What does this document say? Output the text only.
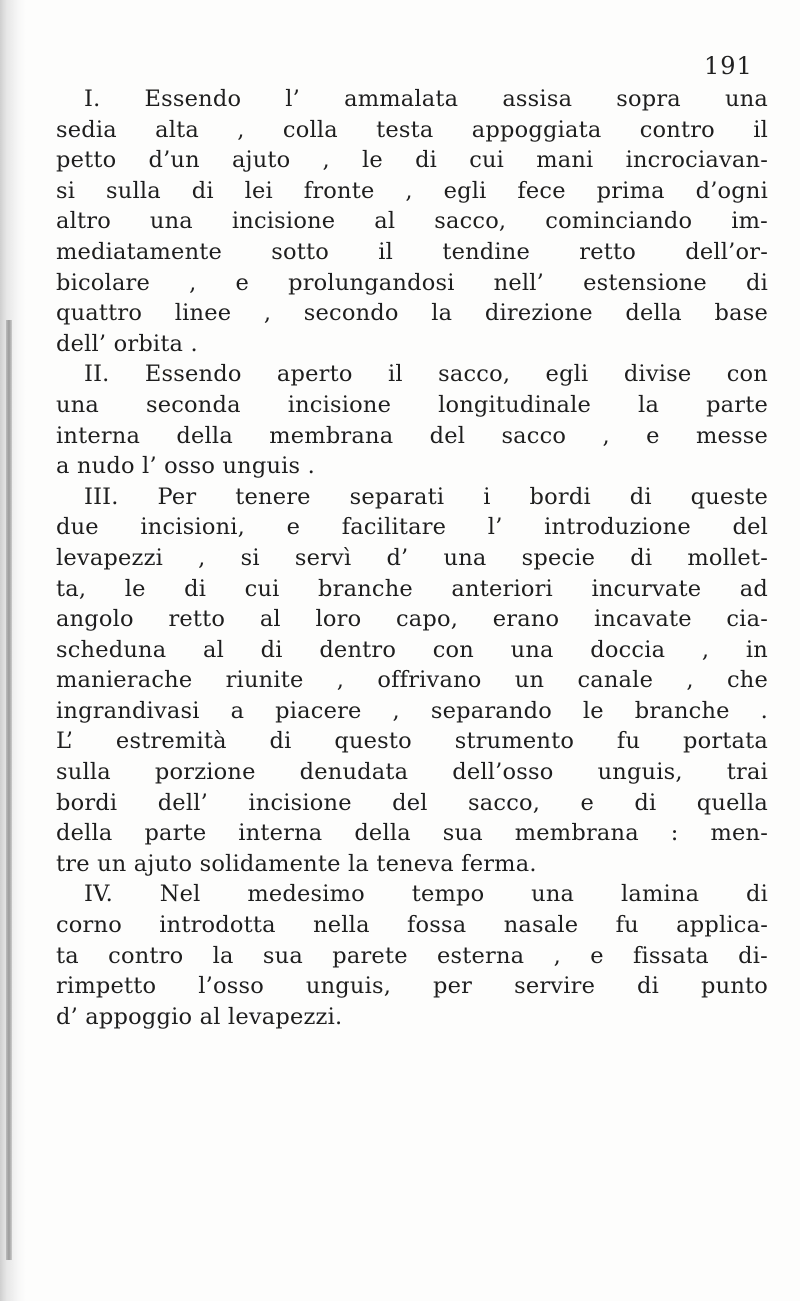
191
I. Essendo l’ ammalata assisa sopra una
sedia alta , colla testa appoggiata contro il
petto d’un ajuto , le di cui mani incrociavan-
si sulla di lei fronte , egli fece prima d’ogni
altro una incisione al sacco, cominciando im-
mediatamente sotto il tendine retto dell’or-
bicolare , e prolungandosi nell’ estensione di
quattro linee , secondo la direzione della base
dell’ orbita .
II. Essendo aperto il sacco, egli divise con
una seconda incisione longitudinale la parte
interna della membrana del sacco , e messe
a nudo l’ osso unguis .
III. Per tenere separati i bordi di queste
due incisioni, e facilitare l’ introduzione del
levapezzi , si servì d’ una specie di mollet-
ta, le di cui branche anteriori incurvate ad
angolo retto al loro capo, erano incavate cia-
scheduna al di dentro con una doccia , in
manierache riunite , offrivano un canale , che
ingrandivasi a piacere , separando le branche .
L’ estremità di questo strumento fu portata
sulla porzione denudata dell’osso unguis, trai
bordi dell’ incisione del sacco, e di quella
della parte interna della sua membrana : men-
tre un ajuto solidamente la teneva ferma.
IV. Nel medesimo tempo una lamina di
corno introdotta nella fossa nasale fu applica-
ta contro la sua parete esterna , e fissata di-
rimpetto l’osso unguis, per servire di punto
d’ appoggio al levapezzi.
